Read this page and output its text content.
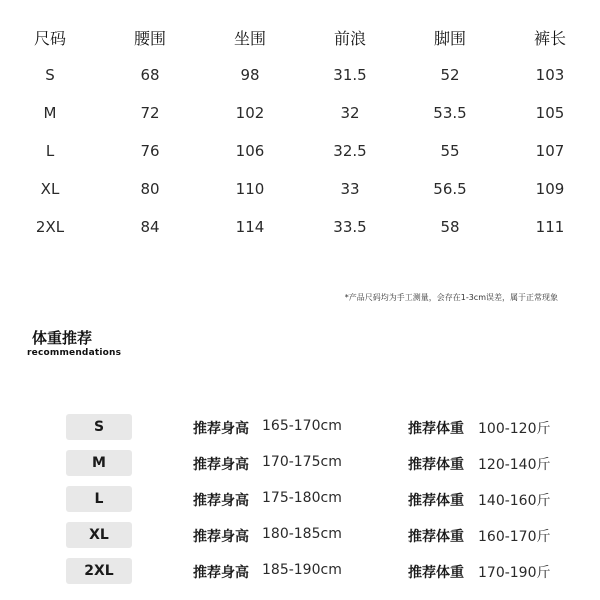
尺码	腰围	坐围	前浪	脚围	裤长
S	68	98	31.5	52	103
M	72	102	32	53.5	105
L	76	106	32.5	55	107
XL	80	110	33	56.5	109
2XL	84	114	33.5	58	111
*产品尺码均为手工测量，会存在1-3cm误差，属于正常现象
体重推荐
recommendations
S	推荐身高 165-170cm	推荐体重 100-120斤
M	推荐身高 170-175cm	推荐体重 120-140斤
L	推荐身高 175-180cm	推荐体重 140-160斤
XL	推荐身高 180-185cm	推荐体重 160-170斤
2XL	推荐身高 185-190cm	推荐体重 170-190斤
